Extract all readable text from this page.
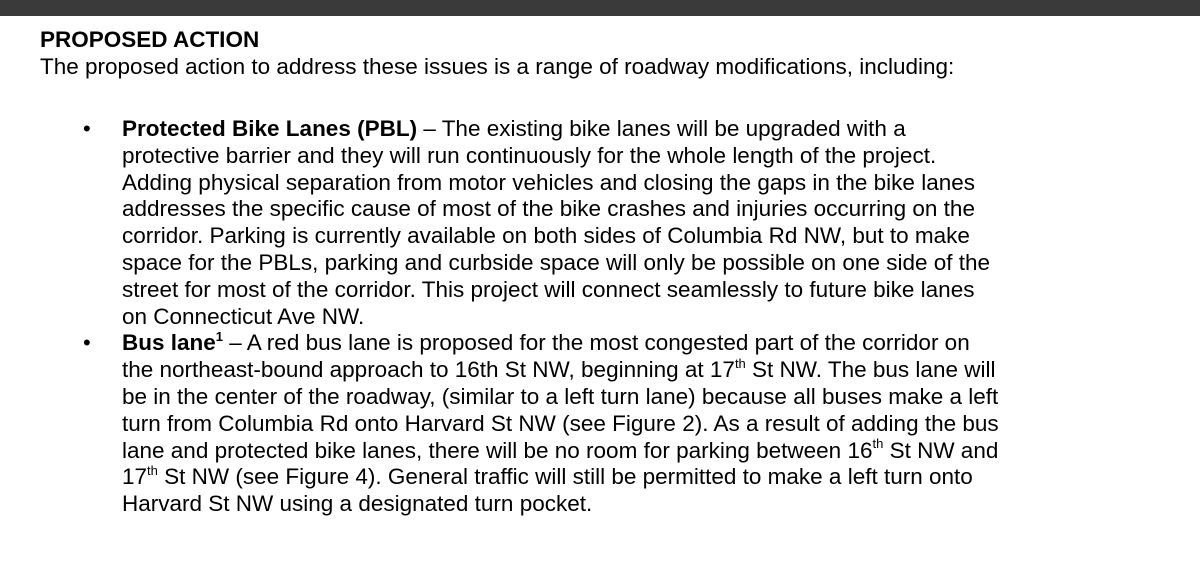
PROPOSED ACTION

The proposed action to address these issues is a range of roadway modifications, including:

• Protected Bike Lanes (PBL) – The existing bike lanes will be upgraded with a
protective barrier and they will run continuously for the whole length of the project.
Adding physical separation from motor vehicles and closing the gaps in the bike lanes
addresses the specific cause of most of the bike crashes and injuries occurring on the
corridor. Parking is currently available on both sides of Columbia Rd NW, but to make
space for the PBLs, parking and curbside space will only be possible on one side of the
street for most of the corridor. This project will connect seamlessly to future bike lanes
on Connecticut Ave NW.
• Bus lane$^1$ – A red bus lane is proposed for the most congested part of the corridor on
the northeast-bound approach to 16th St NW, beginning at 17th St NW. The bus lane will
be in the center of the roadway, (similar to a left turn lane) because all buses make a left
turn from Columbia Rd onto Harvard St NW (see Figure 2). As a result of adding the bus
lane and protected bike lanes, there will be no room for parking between 16th St NW and
17th St NW (see Figure 4). General traffic will still be permitted to make a left turn onto
Harvard St NW using a designated turn pocket.
